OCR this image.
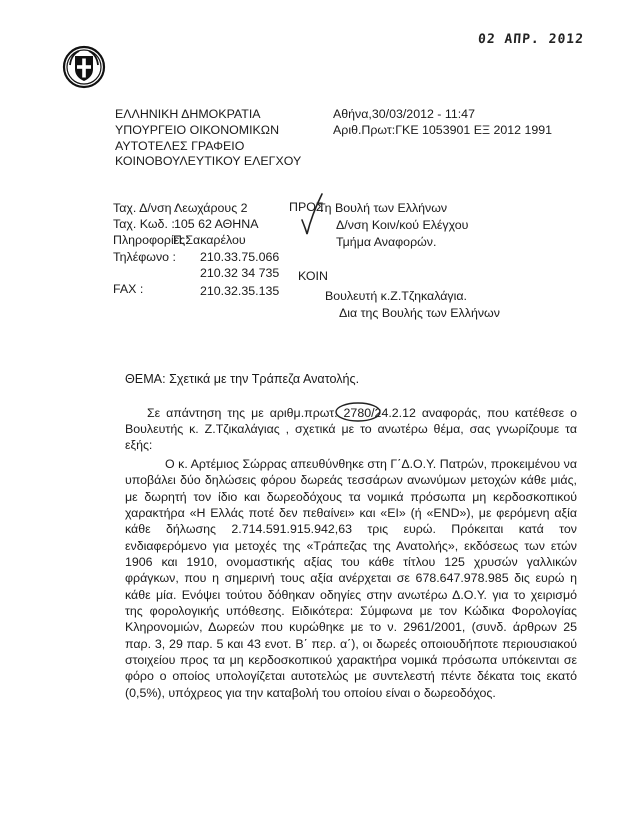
02 ΑΠΡ. 2012
ΕΛΛΗΝΙΚΗ ΔΗΜΟΚΡΑΤΙΑ
ΥΠΟΥΡΓΕΙΟ ΟΙΚΟΝΟΜΙΚΩΝ
ΑΥΤΟΤΕΛΕΣ ΓΡΑΦΕΙΟ
ΚΟΙΝΟΒΟΥΛΕΥΤΙΚΟΥ ΕΛΕΓΧΟΥ
Αθήνα,30/03/2012 - 11:47
Αριθ.Πρωτ:ΓΚΕ 1053901 ΕΞ 2012 1991
Ταχ. Δ/νση :
Ταχ. Κωδ. :
Πληροφορίες:
Τηλέφωνο :

FAX :
Λεωχάρους 2
105 62 ΑΘΗΝΑ
Π.Σακαρέλου
210.33.75.066
210.32 34 735
210.32.35.135
ΠΡΟΣ
Τη Βουλή των Ελλήνων
Δ/νση Κοιν/κού Ελέγχου
Τμήμα Αναφορών.
ΚΟΙΝ
Βουλευτή κ.Ζ.Τζηκαλάγια.
Δια της Βουλής των Ελλήνων
ΘΕΜΑ: Σχετικά με την Τράπεζα Ανατολής.

Σε απάντηση της με αριθμ.πρωτ. 2780/24.2.12 αναφοράς, που κατέθεσε ο Βουλευτής κ. Ζ.Τζικαλάγιας , σχετικά με το ανωτέρω θέμα, σας γνωρίζουμε τα εξής:

Ο κ. Αρτέμιος Σώρρας απευθύνθηκε στη Γ΄Δ.Ο.Υ. Πατρών, προκειμένου να υποβάλει δύο δηλώσεις φόρου δωρεάς τεσσάρων ανωνύμων μετοχών κάθε μιάς, με δωρητή τον ίδιο και δωρεοδόχους τα νομικά πρόσωπα μη κερδοσκοπικού χαρακτήρα «Η Ελλάς ποτέ δεν πεθαίνει» και «EI» (ή «END»), με φερόμενη αξία κάθε δήλωσης 2.714.591.915.942,63 τρις ευρώ. Πρόκειται κατά τον ενδιαφερόμενο για μετοχές της «Τράπεζας της Ανατολής», εκδόσεως των ετών 1906 και 1910, ονομαστικής αξίας του κάθε τίτλου 125 χρυσών γαλλικών φράγκων, που η σημερινή τους αξία ανέρχεται σε 678.647.978.985 δις ευρώ η κάθε μία. Ενόψει τούτου δόθηκαν οδηγίες στην ανωτέρω Δ.Ο.Υ. για το χειρισμό της φορολογικής υπόθεσης. Ειδικότερα: Σύμφωνα με τον Κώδικα Φορολογίας Κληρονομιών, Δωρεών που κυρώθηκε με το ν. 2961/2001, (συνδ. άρθρων 25 παρ. 3, 29 παρ. 5 και 43 ενοτ. Β΄ περ. α΄), οι δωρεές οποιουδήποτε περιουσιακού στοιχείου προς τα μη κερδοσκοπικού χαρακτήρα νομικά πρόσωπα υπόκεινται σε φόρο ο οποίος υπολογίζεται αυτοτελώς με συντελεστή πέντε δέκατα τοις εκατό (0,5%), υπόχρεος για την καταβολή του οποίου είναι ο δωρεοδόχος.
